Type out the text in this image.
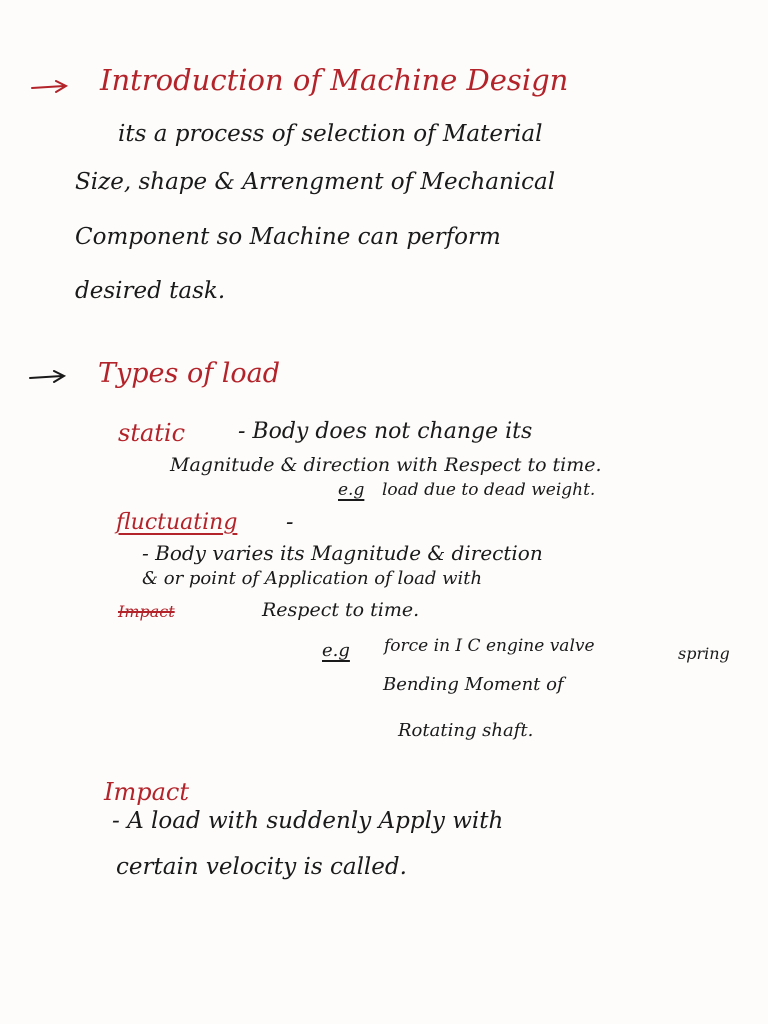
Introduction of Machine Design

its a process of selection of Material

Size, shape & Arrengment of Mechanical

Component so Machine can perform

desired task.

Types of load

static - Body does not change its

Magnitude & direction with Respect to time.

e.g load due to dead weight.

fluctuating -

- Body varies its Magnitude & direction

& or point of Application of load with

Impact	Respect to time.

e.g force in I C engine valve	spring

Bending Moment of

Rotating shaft.

Impact

- A load with suddenly Apply with

certain velocity is called.
